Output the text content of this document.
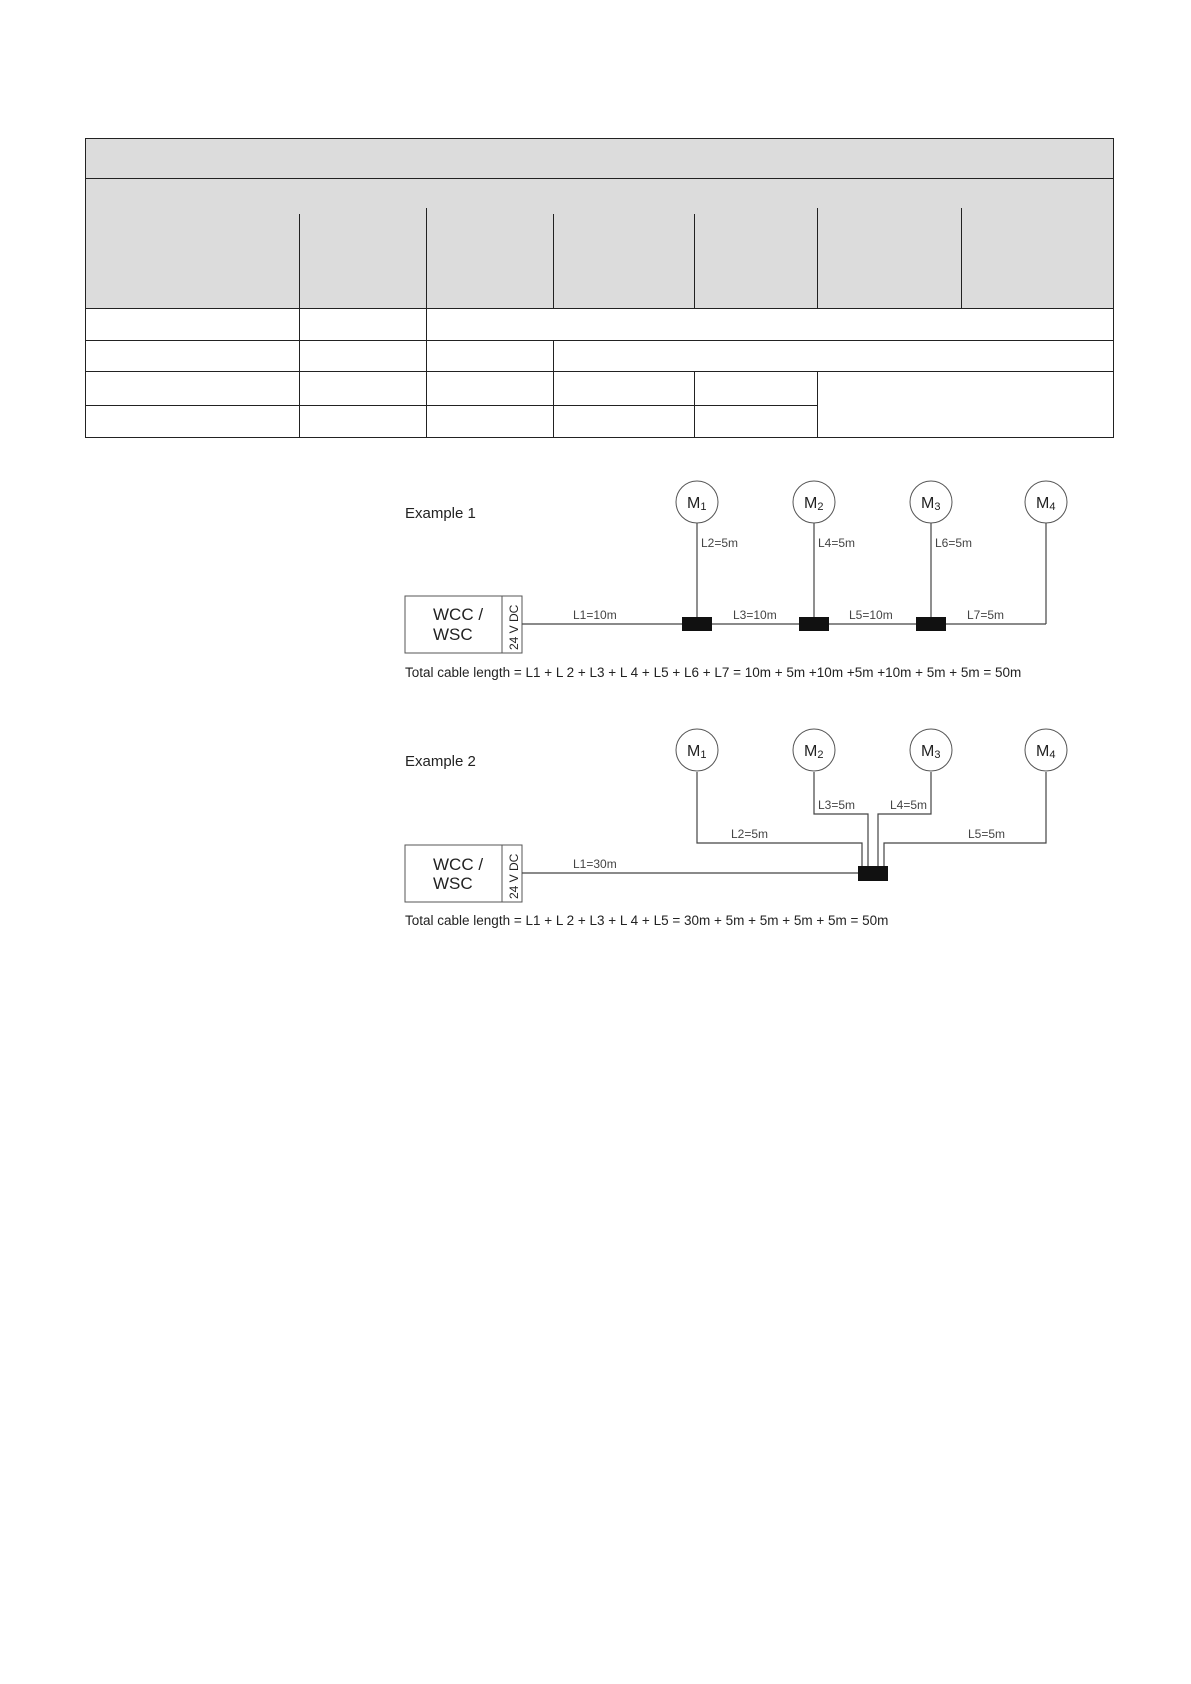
Example 1
WCC /
WSC	24 V DC
M1	M2	M3	M4
L1=10m
L2=5m
L3=10m
L4=5m
L5=10m
L6=5m
L7=5m
Total cable length = L1 + L 2 + L3 + L 4 + L5 + L6 + L7 = 10m + 5m +10m +5m +10m + 5m + 5m = 50m
Example 2
WCC /
WSC	24 V DC
M1	M2	M3	M4
L1=30m
L2=5m
L3=5m	L4=5m
L5=5m
Total cable length = L1 + L 2 + L3 + L 4 + L5 = 30m + 5m + 5m + 5m + 5m = 50m
